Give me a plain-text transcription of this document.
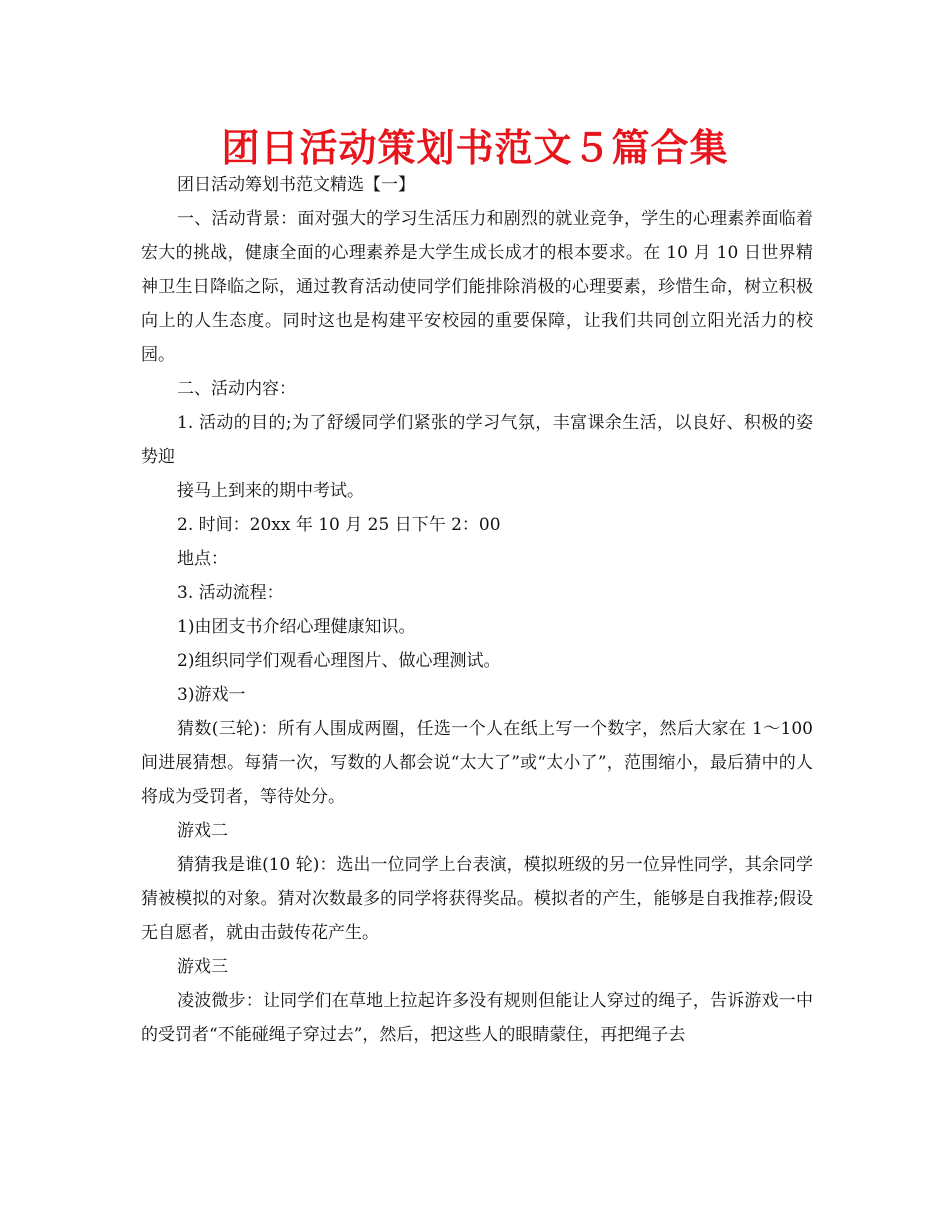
团日活动策划书范文５篇合集

团日活动筹划书范文精选【一】

一、活动背景：面对强大的学习生活压力和剧烈的就业竞争，学生的心理素养面临着宏大的挑战，健康全面的心理素养是大学生成长成才的根本要求。在 10 月 10 日世界精神卫生日降临之际，通过教育活动使同学们能排除消极的心理要素，珍惜生命，树立积极向上的人生态度。同时这也是构建平安校园的重要保障，让我们共同创立阳光活力的校园。

二、活动内容：

1. 活动的目的;为了舒缓同学们紧张的学习气氛，丰富课余生活，以良好、积极的姿势迎

接马上到来的期中考试。

2. 时间：20xx 年 10 月 25 日下午 2：00

地点：

3. 活动流程：

1)由团支书介绍心理健康知识。

2)组织同学们观看心理图片、做心理测试。

3)游戏一

猜数(三轮)：所有人围成两圈，任选一个人在纸上写一个数字，然后大家在 1～100 间进展猜想。每猜一次，写数的人都会说“太大了”或“太小了”，范围缩小，最后猜中的人将成为受罚者，等待处分。

游戏二

猜猜我是谁(10 轮)：选出一位同学上台表演，模拟班级的另一位异性同学，其余同学猜被模拟的对象。猜对次数最多的同学将获得奖品。模拟者的产生，能够是自我推荐;假设无自愿者，就由击鼓传花产生。

游戏三

凌波微步：让同学们在草地上拉起许多没有规则但能让人穿过的绳子，告诉游戏一中的受罚者“不能碰绳子穿过去”，然后，把这些人的眼睛蒙住，再把绳子去
